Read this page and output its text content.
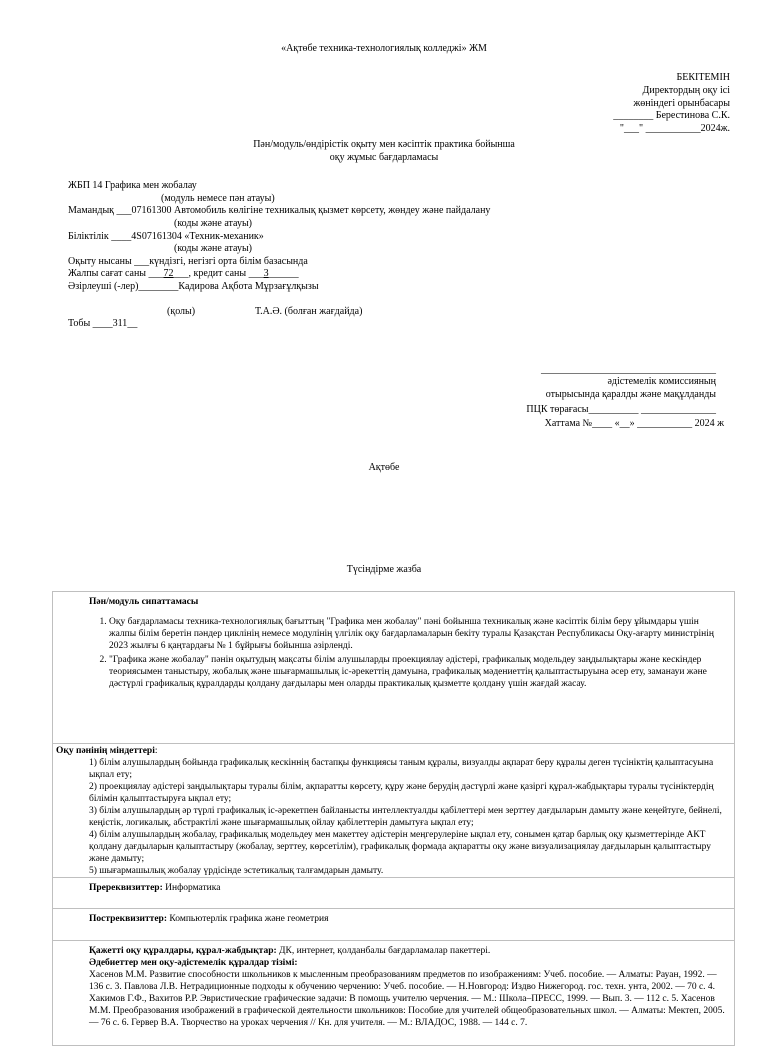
«Ақтөбе техника-технологиялық колледжі» ЖМ
БЕКІТЕМІН
Директордың оқу ісі
жөніндегі орынбасары
________ Берестинова С.К.
"___" ___________2024ж.
Пән/модуль/өндірістік оқыту мен кәсіптік практика бойынша
оқу жұмыс бағдарламасы
ЖБП 14 Графика мен жобалау
(модуль немесе пән атауы)
Мамандық ___07161300 Автомобиль көлігіне техникалық қызмет көрсету, жөндеу және пайдалану
(коды және атауы)
Біліктілік ____4S07161304 «Техник-механик»
(коды және атауы)
Оқыту нысаны ___күндізгі, негізгі орта білім базасында
Жалпы сағат саны ___72___, кредит саны ___3______
Әзірлеуші (-лер)________Кадирова Ақбота Мұрзағұлқызы
(қолы)	Т.А.Ә. (болған жағдайда)
Тобы ____311__
___________________________________
әдістемелік комиссияның
отырысында қаралды және мақұлданды
ПЦК төрағасы__________ _______________
Хаттама №____ «__» ___________ 2024 ж
Ақтөбе
Түсіндірме жазба
Пән/модуль сипаттамасы
1. Оқу бағдарламасы техника-технологиялық бағыттың "Графика мен жобалау" пәні бойынша техникалық және кәсіптік білім беру ұйымдары үшін жалпы білім беретін пәндер циклінің немесе модулінің үлгілік оқу бағдарламаларын бекіту туралы Қазақстан Республикасы Оқу-ағарту министрінің 2023 жылғы 6 қаңтардағы № 1 бұйрығы бойынша әзірленді.
2. "Графика және жобалау" пәнін оқытудың мақсаты білім алушыларды проекциялау әдістері, графикалық модельдеу заңдылықтары және кескіндер теориясымен таныстыру, жобалық және шығармашылық іс-әрекеттің дамуына, графикалық мәдениеттің қалыптастыруына әсер ету, заманауи және дәстүрлі графикалық құралдарды қолдану дағдылары мен оларды практикалық қызметте қолдану үшін жағдай жасау.

Оқу пәнінің міндеттері:
1) білім алушылардың бойында графикалық кескіннің бастапқы функциясы таным құралы, визуалды ақпарат беру құралы деген түсініктің қалыптасуына ықпал ету;
2) проекциялау әдістері заңдылықтары туралы білім, ақпаратты көрсету, құру және берудің дәстүрлі және қазіргі құрал-жабдықтары туралы түсініктердің білімін қалыптастыруға ықпал ету;
3) білім алушылардың әр түрлі графикалық іс-әрекетпен байланысты интеллектуалды қабілеттері мен зерттеу дағдыларын дамыту және кеңейтуге, бейнелі, кеңістік, логикалық, абстрактілі және шығармашылық ойлау қабілеттерін дамытуға ықпал ету;
4) білім алушылардың жобалау, графикалық модельдеу мен макеттеу әдістерін меңгерулеріне ықпал ету, сонымен қатар барлық оқу қызметтерінде АКТ қолдану дағдыларын қалыптастыру (жобалау, зерттеу, көрсетілім), графикалық формада ақпаратты оқу және визуализациялау дағдыларын қалыптастыру және дамыту;
5) шығармашылық жобалау үрдісінде эстетикалық талғамдарын дамыту.

Пререквизиттер: Информатика
Постреквизиттер: Компьютерлік графика және геометрия

Қажетті оқу құралдары, құрал-жабдықтар: ДК, интернет, қолданбалы бағдарламалар пакеттері.
Әдебиеттер мен оқу-әдістемелік құралдар тізімі:
Хасенов М.М. Развитие способности школьников к мысленным преобразованиям предметов по изображениям: Учеб. пособие. — Алматы: Рауан, 1992. — 136 с. 3. Павлова Л.В. Нетрадиционные подходы к обучению черчению: Учеб. пособие. — Н.Новгород: Издво Нижегород. гос. техн. унта, 2002. — 70 с. 4. Хакимов Г.Ф., Вахитов Р.Р. Эвристические графические задачи: В помощь учителю черчения. — М.: Школа–ПРЕСС, 1999. — Вып. 3. — 112 с. 5. Хасенов М.М. Преобразования изображений в графической деятельности школьников: Пособие для учителей общеобразовательных школ. — Алматы: Мектеп, 2005. — 76 с. 6. Гервер В.А. Творчество на уроках черчения // Кн. для учителя. — М.: ВЛАДОС, 1988. — 144 с. 7.
